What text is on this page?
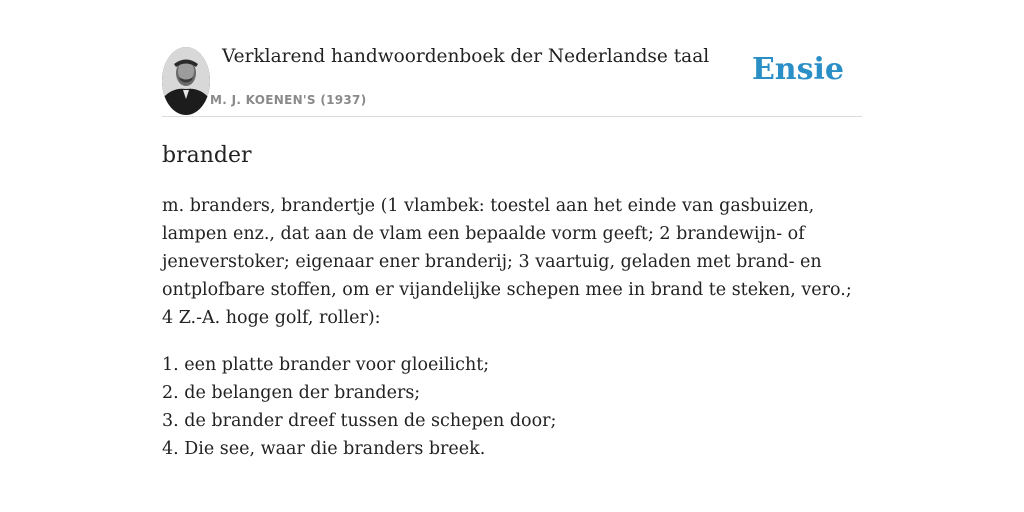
Verklarend handwoordenboek der Nederlandse taal
M. J. KOENEN'S (1937)
Ensie
brander

m. branders, brandertje (1 vlambek: toestel aan het einde van gasbuizen, lampen enz., dat aan de vlam een bepaalde vorm geeft; 2 brandewijn- of jeneverstoker; eigenaar ener branderij; 3 vaartuig, geladen met brand- en ontplofbare stoffen, om er vijandelijke schepen mee in brand te steken, vero.; 4 Z.-A. hoge golf, roller):

1. een platte brander voor gloeilicht;
2. de belangen der branders;
3. de brander dreef tussen de schepen door;
4. Die see, waar die branders breek.
